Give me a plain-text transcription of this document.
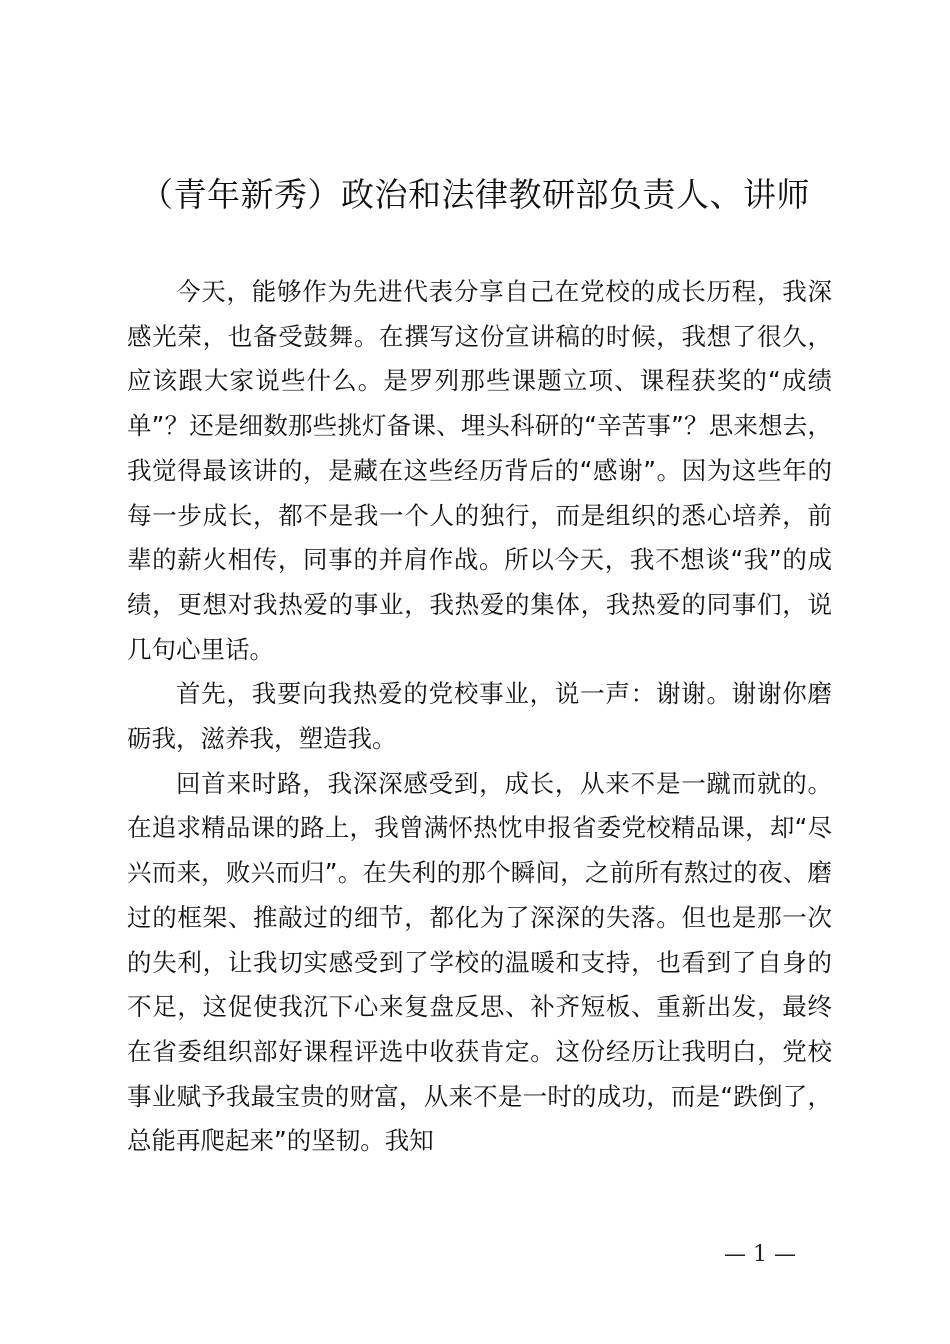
（青年新秀）政治和法律教研部负责人、讲师

今天，能够作为先进代表分享自己在党校的成长历程，我深感光荣，也备受鼓舞。在撰写这份宣讲稿的时候，我想了很久，应该跟大家说些什么。是罗列那些课题立项、课程获奖的“成绩单”？还是细数那些挑灯备课、埋头科研的“辛苦事”？思来想去，我觉得最该讲的，是藏在这些经历背后的“感谢”。因为这些年的每一步成长，都不是我一个人的独行，而是组织的悉心培养，前辈的薪火相传，同事的并肩作战。所以今天，我不想谈“我”的成绩，更想对我热爱的事业，我热爱的集体，我热爱的同事们，说几句心里话。

首先，我要向我热爱的党校事业，说一声：谢谢。谢谢你磨砺我，滋养我，塑造我。

回首来时路，我深深感受到，成长，从来不是一蹴而就的。在追求精品课的路上，我曾满怀热忱申报省委党校精品课，却“尽兴而来，败兴而归”。在失利的那个瞬间，之前所有熬过的夜、磨过的框架、推敲过的细节，都化为了深深的失落。但也是那一次的失利，让我切实感受到了学校的温暖和支持，也看到了自身的不足，这促使我沉下心来复盘反思、补齐短板、重新出发，最终在省委组织部好课程评选中收获肯定。这份经历让我明白，党校事业赋予我最宝贵的财富，从来不是一时的成功，而是“跌倒了，总能再爬起来”的坚韧。我知

— 1 —
